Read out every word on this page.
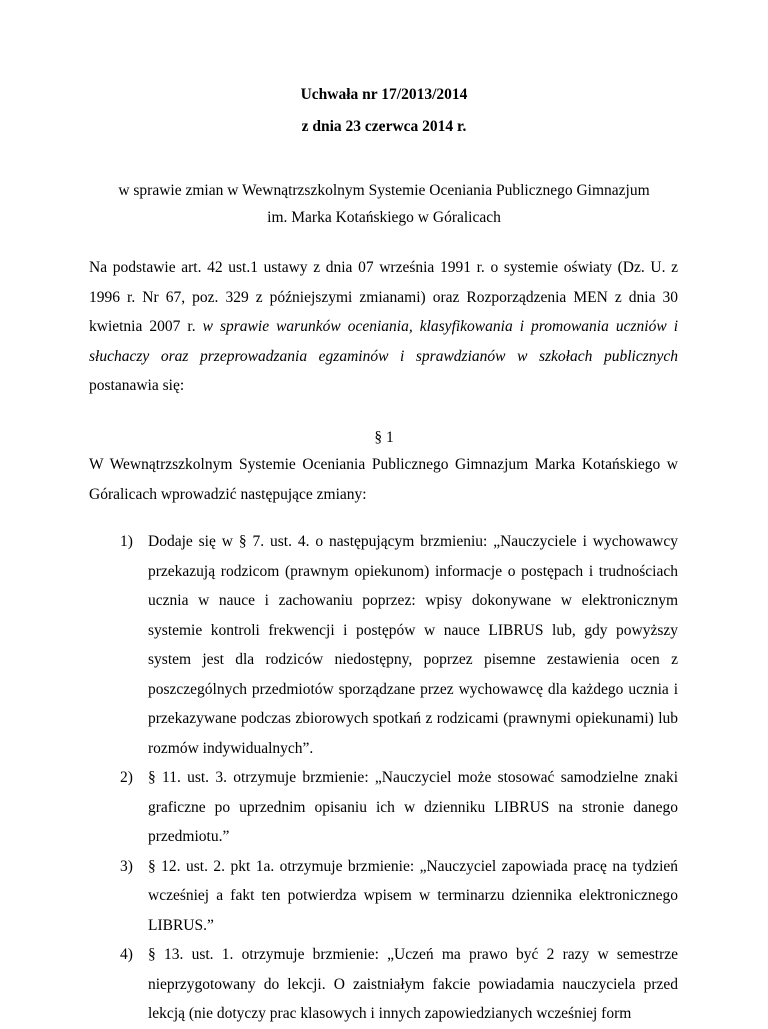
Uchwała nr 17/2013/2014
z dnia 23 czerwca 2014 r.
w sprawie zmian w Wewnątrzszkolnym Systemie Oceniania Publicznego Gimnazjum
im. Marka Kotańskiego w Góralicach
Na podstawie art. 42 ust.1 ustawy z dnia 07 września 1991 r. o systemie oświaty (Dz. U. z 1996 r. Nr 67, poz. 329 z późniejszymi zmianami) oraz Rozporządzenia MEN z dnia 30 kwietnia 2007 r. w sprawie warunków oceniania, klasyfikowania i promowania uczniów i słuchaczy oraz przeprowadzania egzaminów i sprawdzianów w szkołach publicznych postanawia się:
§ 1
W Wewnątrzszkolnym Systemie Oceniania Publicznego Gimnazjum Marka Kotańskiego w Góralicach wprowadzić następujące zmiany:
1) Dodaje się w § 7. ust. 4. o następującym brzmieniu: „Nauczyciele i wychowawcy przekazują rodzicom (prawnym opiekunom) informacje o postępach i trudnościach ucznia w nauce i zachowaniu poprzez: wpisy dokonywane w elektronicznym systemie kontroli frekwencji i postępów w nauce LIBRUS lub, gdy powyższy system jest dla rodziców niedostępny, poprzez pisemne zestawienia ocen z poszczególnych przedmiotów sporządzane przez wychowawcę dla każdego ucznia i przekazywane podczas zbiorowych spotkań z rodzicami (prawnymi opiekunami) lub rozmów indywidualnych”.
2) § 11. ust. 3. otrzymuje brzmienie: „Nauczyciel może stosować samodzielne znaki graficzne po uprzednim opisaniu ich w dzienniku LIBRUS na stronie danego przedmiotu.”
3) § 12. ust. 2. pkt 1a. otrzymuje brzmienie: „Nauczyciel zapowiada pracę na tydzień wcześniej a fakt ten potwierdza wpisem w terminarzu dziennika elektronicznego LIBRUS.”
4) § 13. ust. 1. otrzymuje brzmienie: „Uczeń ma prawo być 2 razy w semestrze nieprzygotowany do lekcji. O zaistniałym fakcie powiadamia nauczyciela przed lekcją (nie dotyczy prac klasowych i innych zapowiedzianych wcześniej form
